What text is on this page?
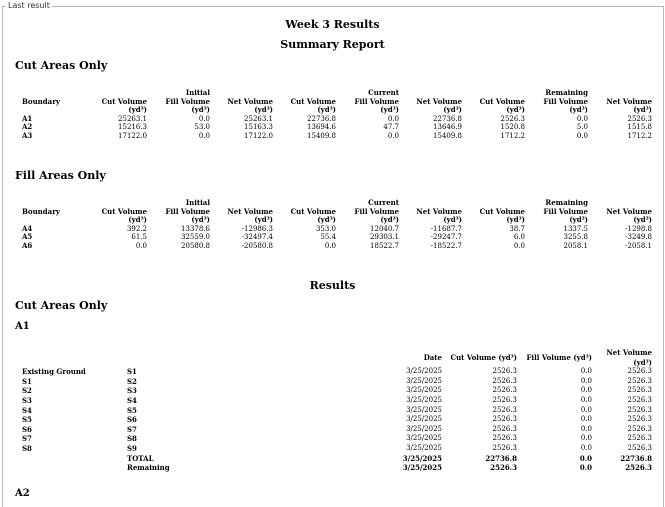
Last result
Week 3 Results
Summary Report
Cut Areas Only
		Initial			Current			Remaining	
Boundary	Cut Volume	Fill Volume	Net Volume	Cut Volume	Fill Volume	Net Volume	Cut Volume	Fill Volume	Net Volume
	(yd³)	(yd³)	(yd³)	(yd³)	(yd³)	(yd³)	(yd³)	(yd³)	(yd³)
A1	25263.1	0.0	25263.1	22736.8	0.0	22736.8	2526.3	0.0	2526.3
A2	15216.3	53.0	15163.3	13694.6	47.7	13646.9	1520.8	5.0	1515.8
A3	17122.0	0.0	17122.0	15409.8	0.0	15409.8	1712.2	0.0	1712.2
Fill Areas Only
		Initial			Current			Remaining	
Boundary	Cut Volume	Fill Volume	Net Volume	Cut Volume	Fill Volume	Net Volume	Cut Volume	Fill Volume	Net Volume
	(yd³)	(yd³)	(yd³)	(yd³)	(yd³)	(yd³)	(yd³)	(yd³)	(yd³)
A4	392.2	13378.6	-12986.3	353.0	12040.7	-11687.7	38.7	1337.5	-1298.8
A5	61.5	32559.0	-32497.4	55.4	29303.1	-29247.7	6.0	3255.8	-3249.8
A6	0.0	20580.8	-20580.8	0.0	18522.7	-18522.7	0.0	2058.1	-2058.1
Results
Cut Areas Only
A1
		Date	Cut Volume (yd³)	Fill Volume (yd³)	Net Volume (yd³)
Existing Ground	S1	3/25/2025	2526.3	0.0	2526.3
S1	S2	3/25/2025	2526.3	0.0	2526.3
S2	S3	3/25/2025	2526.3	0.0	2526.3
S3	S4	3/25/2025	2526.3	0.0	2526.3
S4	S5	3/25/2025	2526.3	0.0	2526.3
S5	S6	3/25/2025	2526.3	0.0	2526.3
S6	S7	3/25/2025	2526.3	0.0	2526.3
S7	S8	3/25/2025	2526.3	0.0	2526.3
S8	S9	3/25/2025	2526.3	0.0	2526.3
	TOTAL	3/25/2025	22736.8	0.0	22736.8
	Remaining	3/25/2025	2526.3	0.0	2526.3
A2
